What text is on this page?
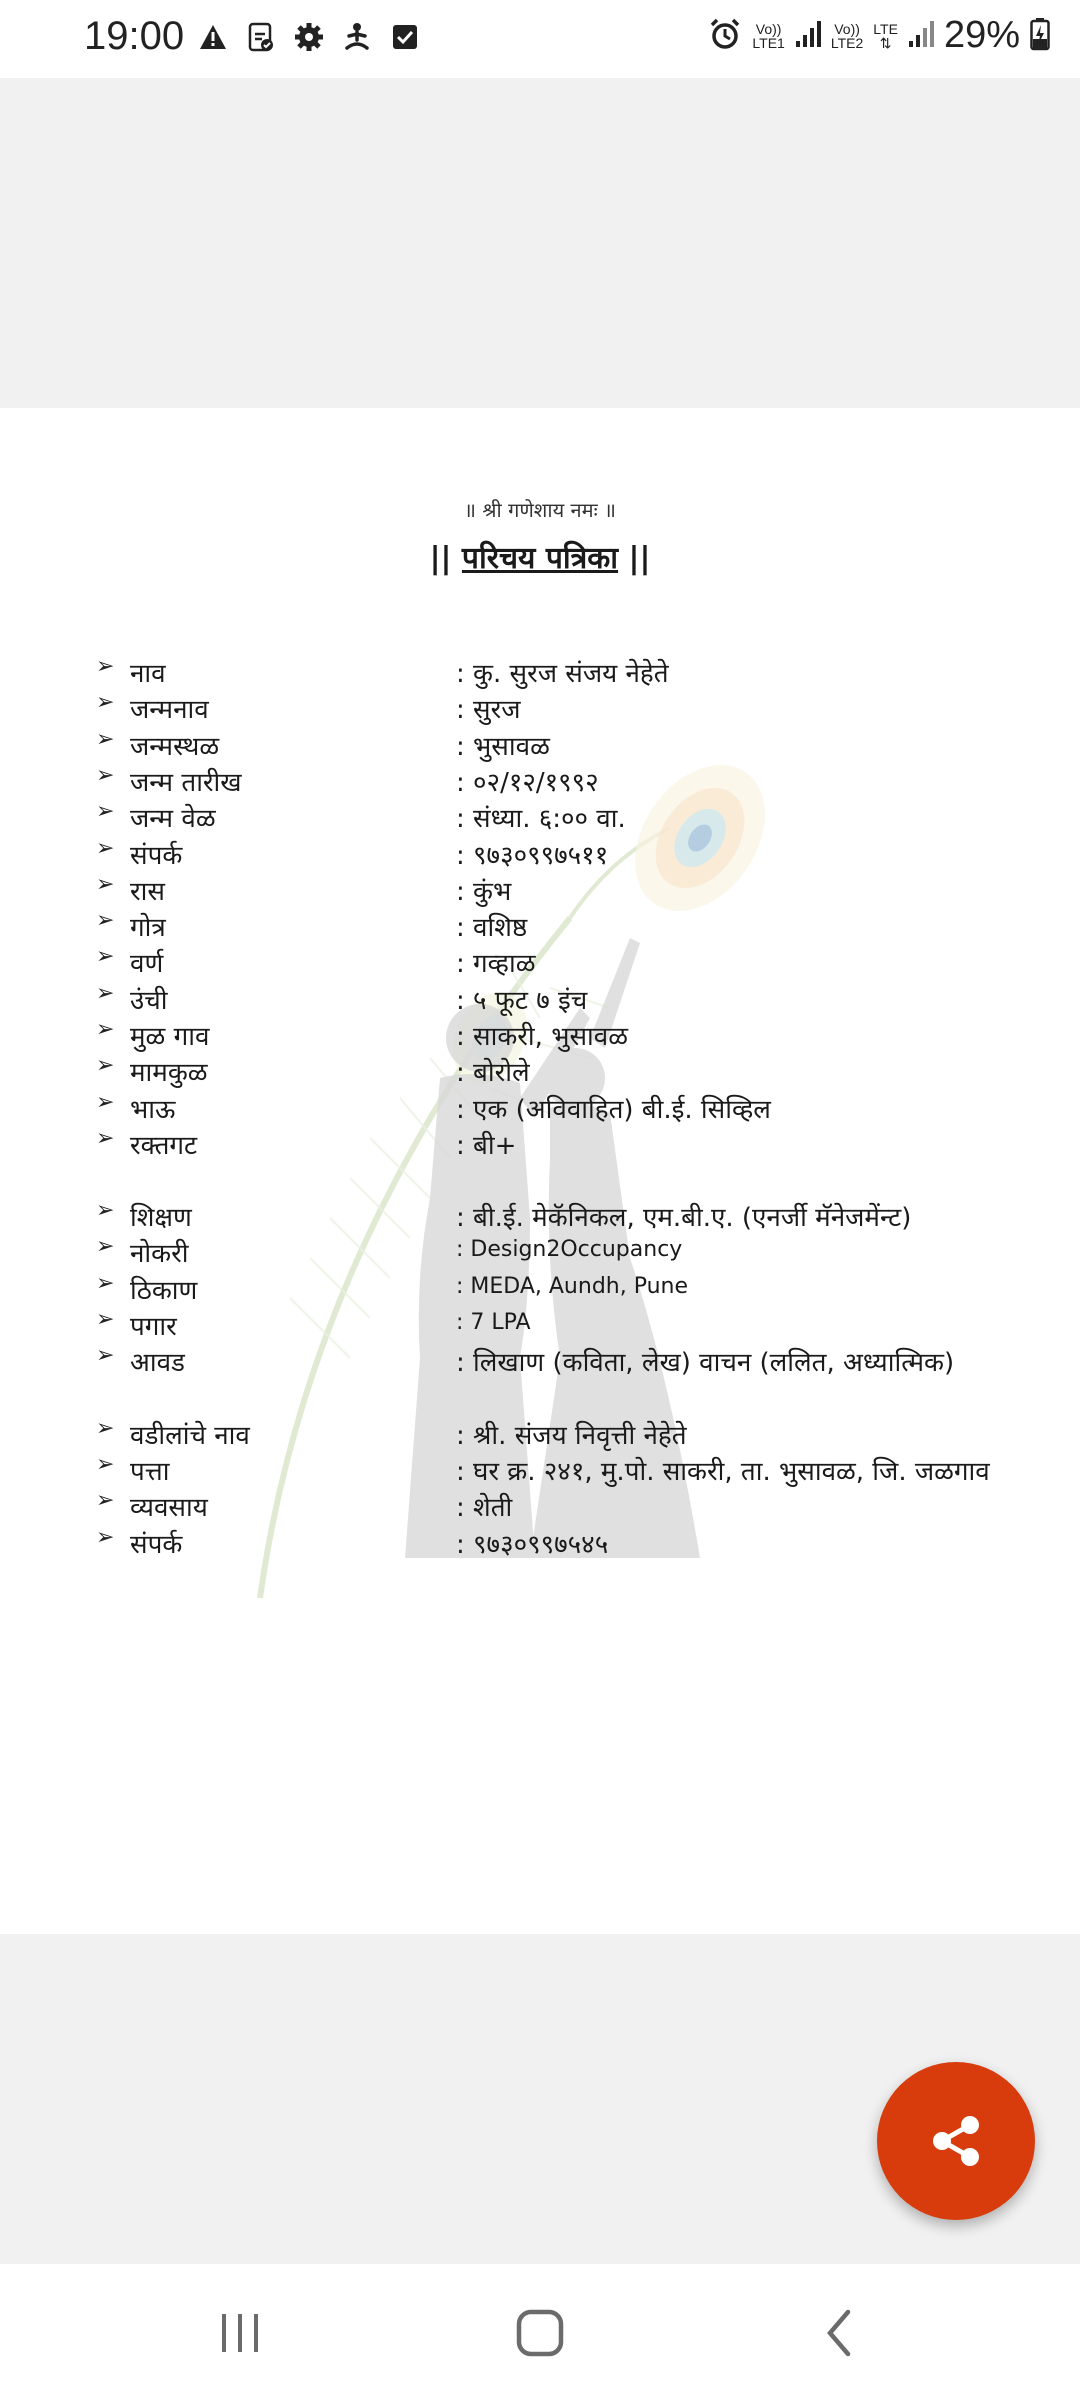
19:00	Vo))
LTE1
Vo))
LTE2
LTE
⇅ 29%
॥ श्री गणेशाय नमः ॥
|| परिचय पत्रिका ||
➢ नाव	: कु. सुरज संजय नेहेते
➢ जन्मनाव	: सुरज
➢ जन्मस्थळ	: भुसावळ
➢ जन्म तारीख	: ०२/१२/१९९२
➢ जन्म वेळ	: संध्या. ६:०० वा.
➢ संपर्क	: ९७३०९९७५११
➢ रास	: कुंभ
➢ गोत्र	: वशिष्ठ
➢ वर्ण	: गव्हाळ
➢ उंची	: ५ फूट ७ इंच
➢ मुळ गाव	: साकरी, भुसावळ
➢ मामकुळ	: बोरोले
➢ भाऊ	: एक (अविवाहित) बी.ई. सिव्हिल
➢ रक्तगट	: बी+
➢ शिक्षण	: बी.ई. मेकॅनिकल, एम.बी.ए. (एनर्जी मॅनेजमेंन्ट)
➢ नोकरी	: Design2Occupancy
➢ ठिकाण	: MEDA, Aundh, Pune
➢ पगार	: 7 LPA
➢ आवड	: लिखाण (कविता, लेख) वाचन (ललित, अध्यात्मिक)
➢ वडीलांचे नाव	: श्री. संजय निवृत्ती नेहेते
➢ पत्ता	: घर क्र. २४१, मु.पो. साकरी, ता. भुसावळ, जि. जळगाव
➢ व्यवसाय	: शेती
➢ संपर्क	: ९७३०९९७५४५
